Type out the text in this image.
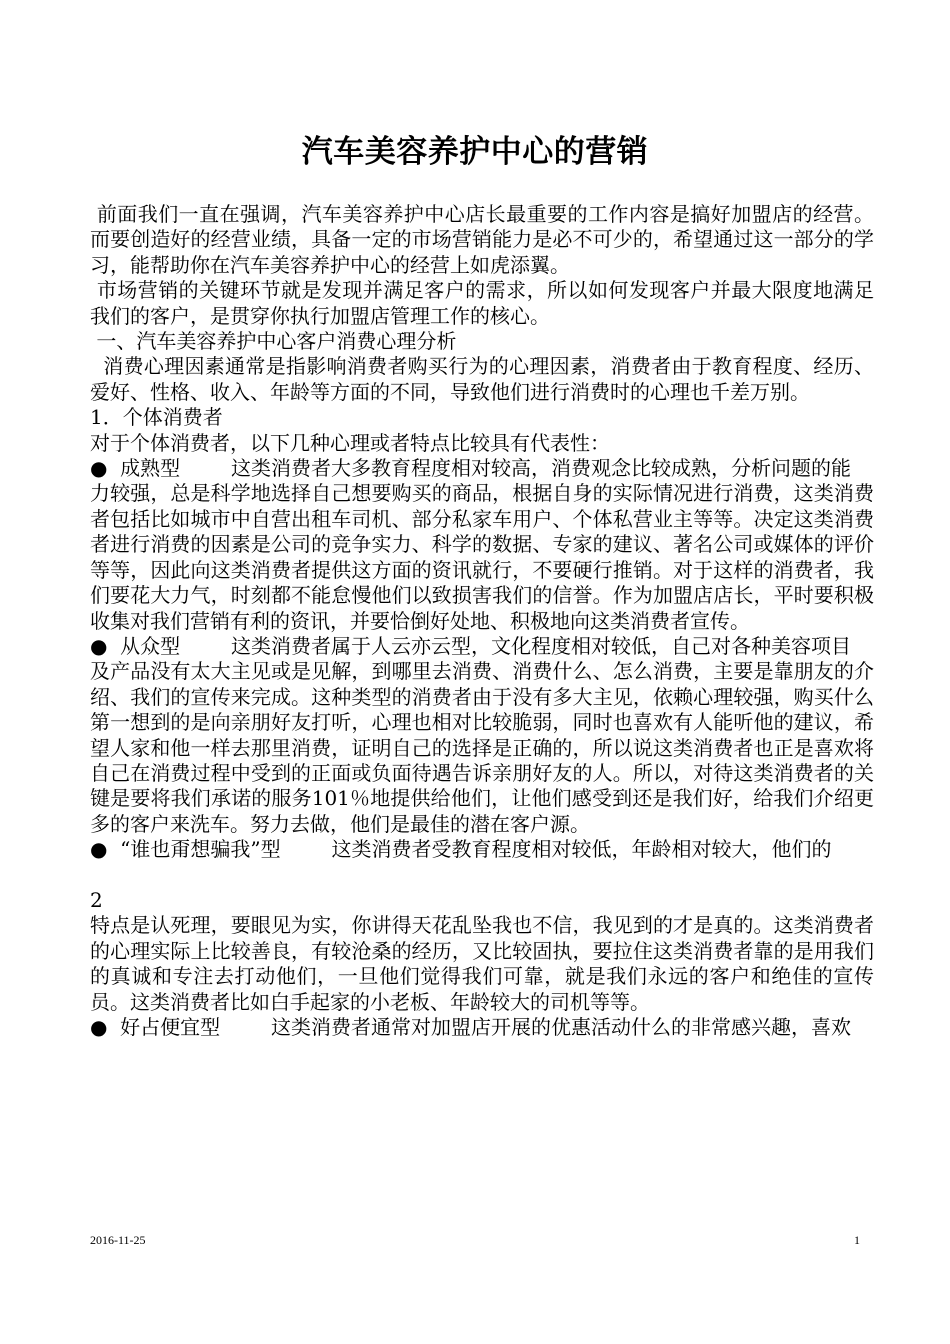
汽车美容养护中心的营销

前面我们一直在强调，汽车美容养护中心店长最重要的工作内容是搞好加盟店的经营。而要创造好的经营业绩，具备一定的市场营销能力是必不可少的，希望通过这一部分的学习，能帮助你在汽车美容养护中心的经营上如虎添翼。

市场营销的关键环节就是发现并满足客户的需求，所以如何发现客户并最大限度地满足我们的客户，是贯穿你执行加盟店管理工作的核心。

一、汽车美容养护中心客户消费心理分析

消费心理因素通常是指影响消费者购买行为的心理因素，消费者由于教育程度、经历、爱好、性格、收入、年龄等方面的不同，导致他们进行消费时的心理也千差万别。

1．个体消费者

对于个体消费者，以下几种心理或者特点比较具有代表性：

●  成熟型        这类消费者大多教育程度相对较高，消费观念比较成熟，分析问题的能

力较强，总是科学地选择自己想要购买的商品，根据自身的实际情况进行消费，这类消费者包括比如城市中自营出租车司机、部分私家车用户、个体私营业主等等。决定这类消费者进行消费的因素是公司的竞争实力、科学的数据、专家的建议、著名公司或媒体的评价等等，因此向这类消费者提供这方面的资讯就行，不要硬行推销。对于这样的消费者，我们要花大力气，时刻都不能怠慢他们以致损害我们的信誉。作为加盟店店长，平时要积极收集对我们营销有利的资讯，并要恰倒好处地、积极地向这类消费者宣传。

●  从众型        这类消费者属于人云亦云型，文化程度相对较低，自己对各种美容项目

及产品没有太大主见或是见解，到哪里去消费、消费什么、怎么消费，主要是靠朋友的介绍、我们的宣传来完成。这种类型的消费者由于没有多大主见，依赖心理较强，购买什么第一想到的是向亲朋好友打听，心理也相对比较脆弱，同时也喜欢有人能听他的建议，希望人家和他一样去那里消费，证明自己的选择是正确的，所以说这类消费者也正是喜欢将自己在消费过程中受到的正面或负面待遇告诉亲朋好友的人。所以，对待这类消费者的关键是要将我们承诺的服务101％地提供给他们，让他们感受到还是我们好，给我们介绍更多的客户来洗车。努力去做，他们是最佳的潜在客户源。

●  “谁也甭想骗我”型        这类消费者受教育程度相对较低，年龄相对较大，他们的

2

特点是认死理，要眼见为实，你讲得天花乱坠我也不信，我见到的才是真的。这类消费者的心理实际上比较善良，有较沧桑的经历，又比较固执，要拉住这类消费者靠的是用我们的真诚和专注去打动他们，一旦他们觉得我们可靠，就是我们永远的客户和绝佳的宣传员。这类消费者比如白手起家的小老板、年龄较大的司机等等。

●  好占便宜型        这类消费者通常对加盟店开展的优惠活动什么的非常感兴趣，喜欢

2016-11-25	1
